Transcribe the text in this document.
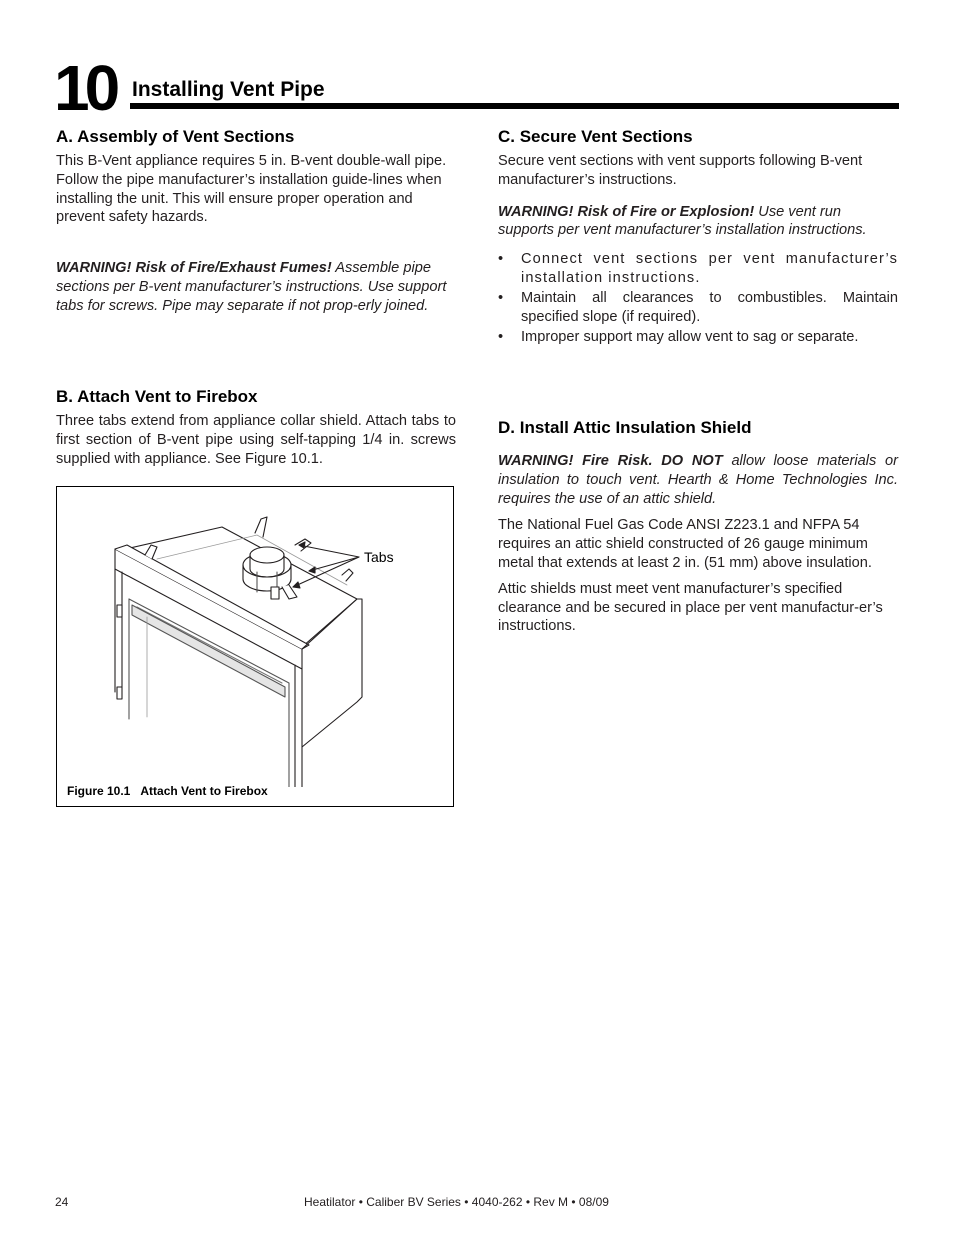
10 Installing Vent Pipe
A. Assembly of Vent Sections

This B-Vent appliance requires 5 in. B-vent double-wall pipe. Follow the pipe manufacturer’s installation guide-lines when installing the unit. This will ensure proper operation and prevent safety hazards.

WARNING! Risk of Fire/Exhaust Fumes! Assemble pipe sections per B-vent manufacturer’s instructions. Use support tabs for screws. Pipe may separate if not prop-erly joined.

B. Attach Vent to Firebox

Three tabs extend from appliance collar shield. Attach tabs to first section of B-vent pipe using self-tapping 1/4 in. screws supplied with appliance. See Figure 10.1.

Tabs
Figure 10.1 Attach Vent to Firebox
C. Secure Vent Sections

Secure vent sections with vent supports following B-vent manufacturer’s instructions.

WARNING! Risk of Fire or Explosion! Use vent run supports per vent manufacturer’s installation instructions.

• Connect vent sections per vent manufacturer’s installation instructions.
• Maintain all clearances to combustibles. Maintain specified slope (if required).
• Improper support may allow vent to sag or separate.
D. Install Attic Insulation Shield

WARNING! Fire Risk. DO NOT allow loose materials or insulation to touch vent. Hearth & Home Technologies Inc. requires the use of an attic shield.

The National Fuel Gas Code ANSI Z223.1 and NFPA 54 requires an attic shield constructed of 26 gauge minimum metal that extends at least 2 in. (51 mm) above insulation.

Attic shields must meet vent manufacturer’s specified clearance and be secured in place per vent manufactur-er’s instructions.

24	Heatilator • Caliber BV Series • 4040-262 • Rev M • 08/09
